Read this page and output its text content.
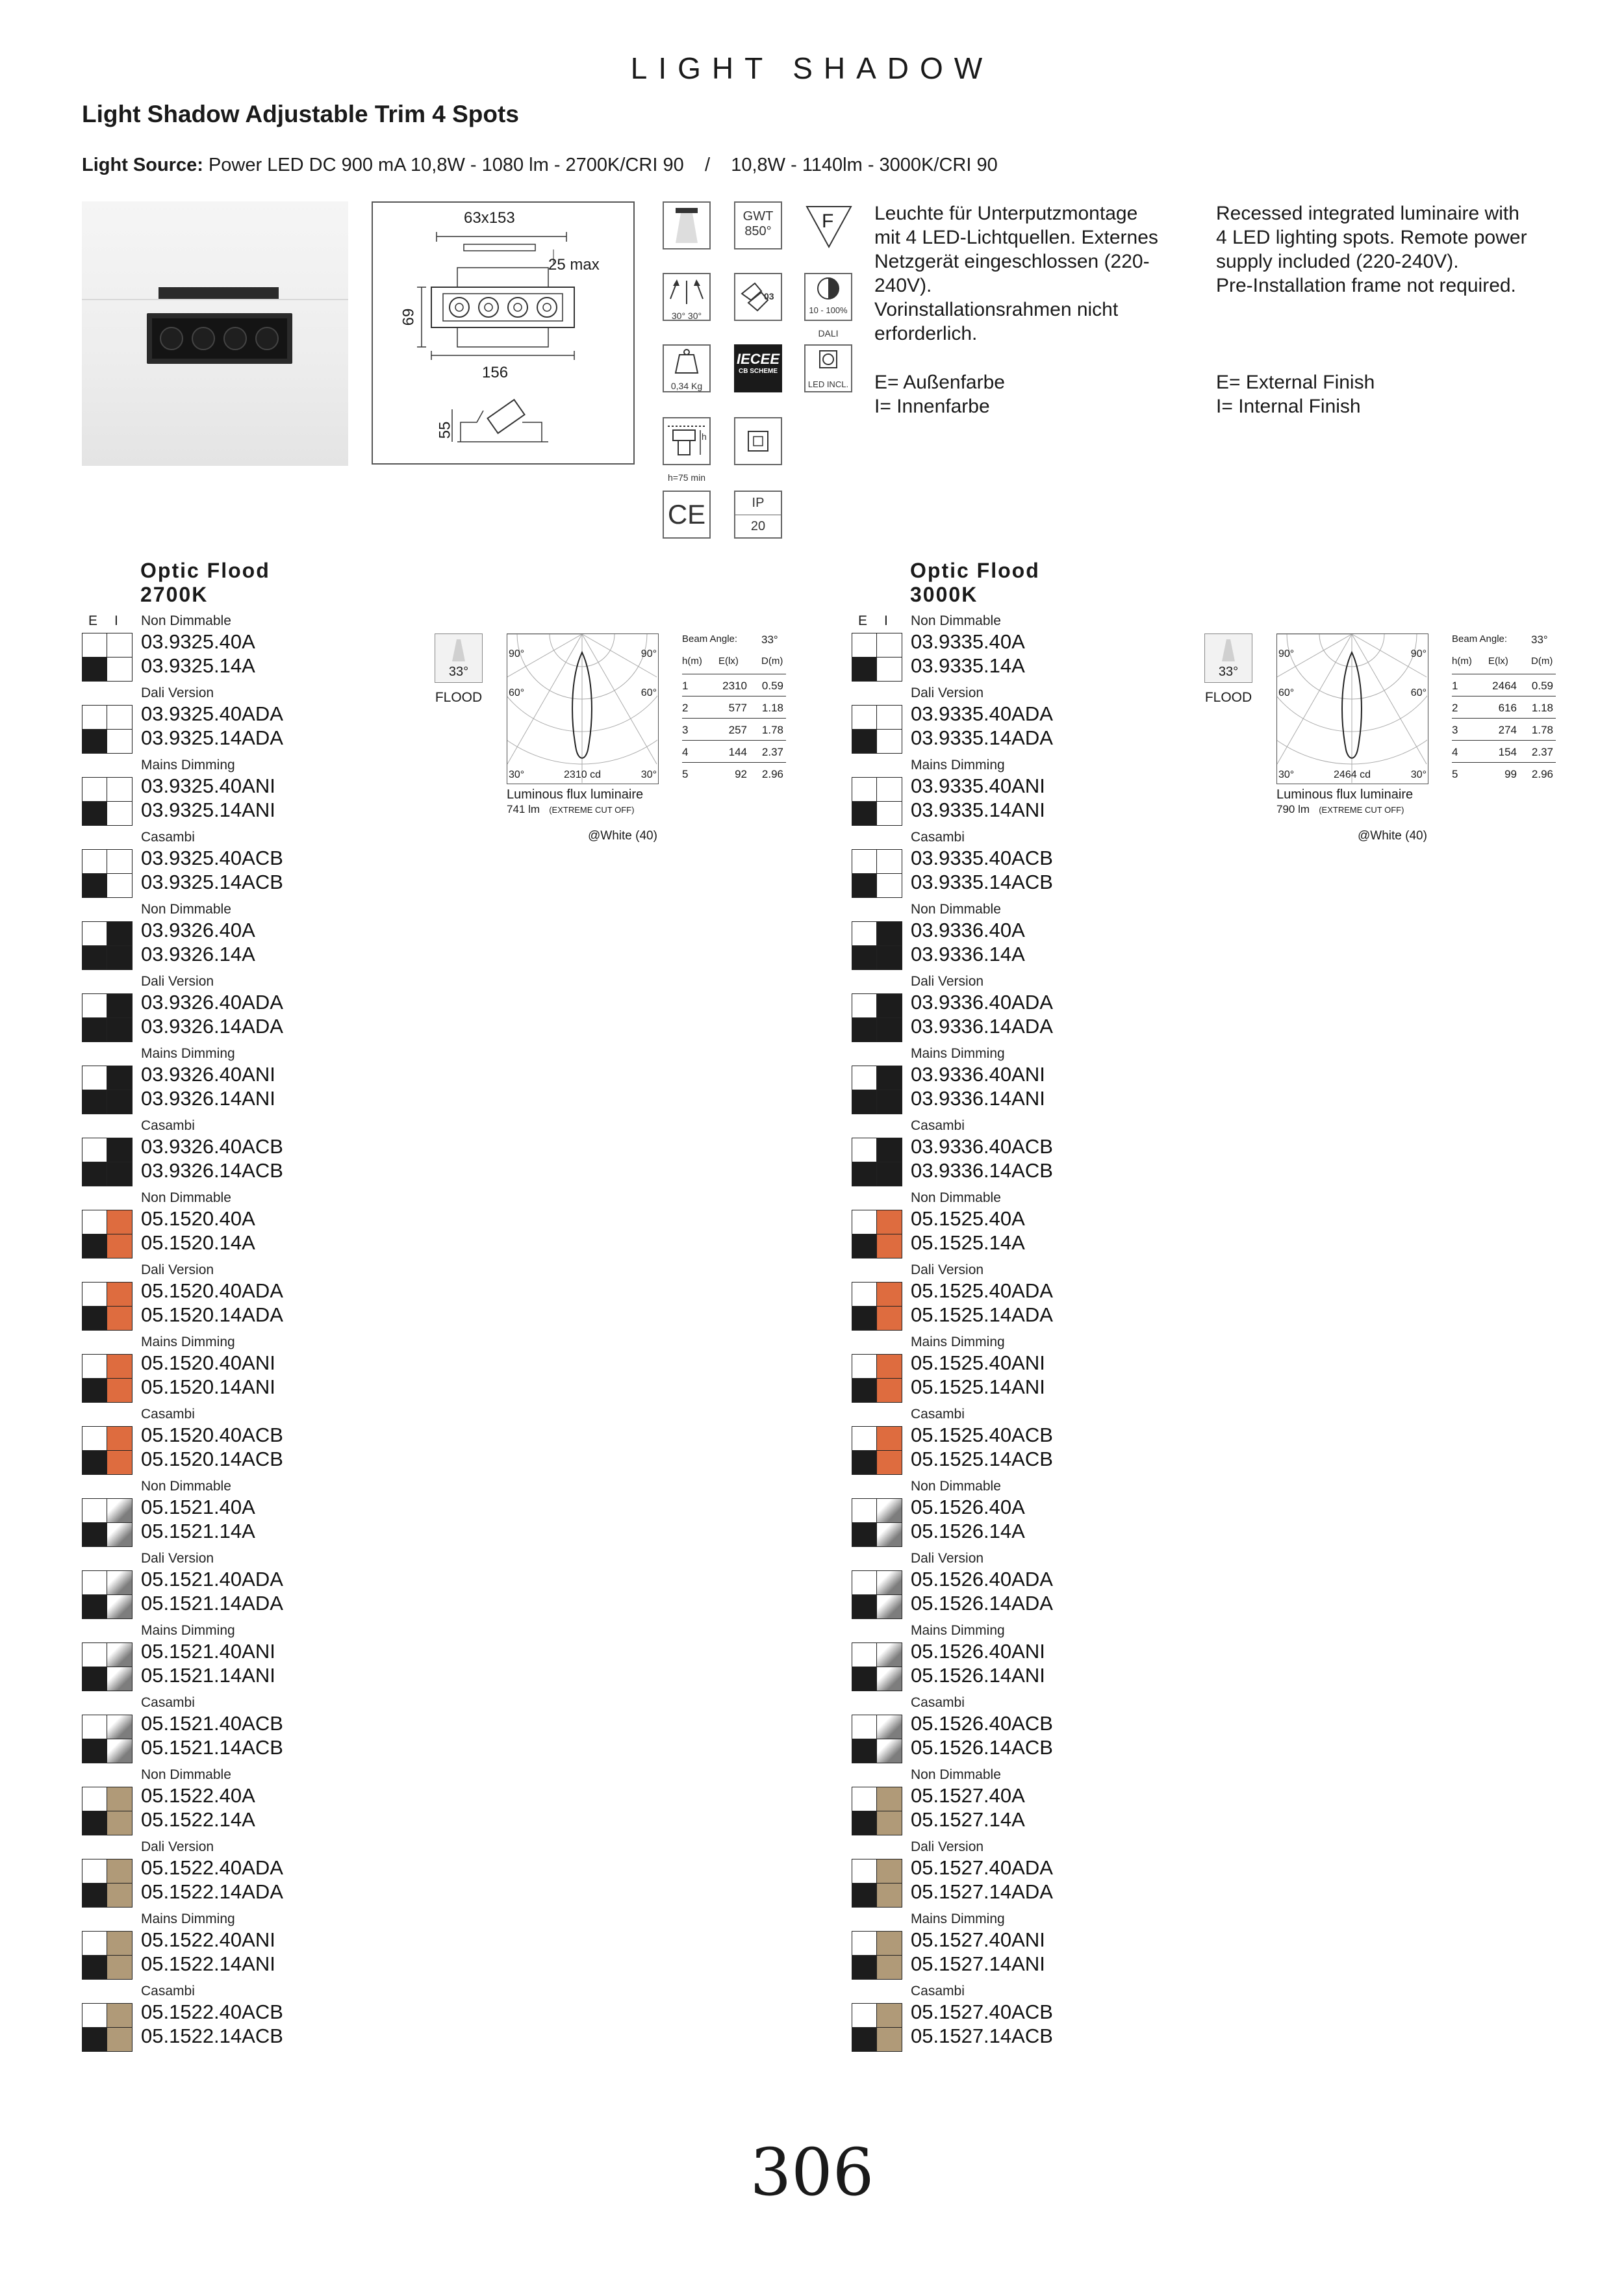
LIGHT SHADOW
Light Shadow Adjustable Trim 4 Spots
Light Source: Power LED DC 900 mA 10,8W - 1080 lm - 2700K/CRI 90    /    10,8W - 1140lm - 3000K/CRI 90
63x153
25 max
69
156
55
GWT
850°	F
30° 30°
03
10 - 100%
DALI
0,34 Kg
IECEE
CB SCHEME
LED INCL.
h
h=75 min
CE	IP
20
Leuchte für Unterputzmontage
mit 4 LED-Lichtquellen. Externes
Netzgerät eingeschlossen (220-
240V).
Vorinstallationsrahmen nicht
erforderlich.
Recessed integrated luminaire with
4 LED lighting spots. Remote power
supply included (220-240V).
Pre-Installation frame not required.
E= Außenfarbe
I= Innenfarbe
E= External Finish
I= Internal Finish
Optic Flood
2700K
E I Non Dimmable
03.9325.40A
03.9325.14A
Dali Version
03.9325.40ADA
03.9325.14ADA
Mains Dimming
03.9325.40ANI
03.9325.14ANI
Casambi
03.9325.40ACB
03.9325.14ACB
Non Dimmable
03.9326.40A
03.9326.14A
Dali Version
03.9326.40ADA
03.9326.14ADA
Mains Dimming
03.9326.40ANI
03.9326.14ANI
Casambi
03.9326.40ACB
03.9326.14ACB
Non Dimmable
05.1520.40A
05.1520.14A
Dali Version
05.1520.40ADA
05.1520.14ADA
Mains Dimming
05.1520.40ANI
05.1520.14ANI
Casambi
05.1520.40ACB
05.1520.14ACB
Non Dimmable
05.1521.40A
05.1521.14A
Dali Version
05.1521.40ADA
05.1521.14ADA
Mains Dimming
05.1521.40ANI
05.1521.14ANI
Casambi
05.1521.40ACB
05.1521.14ACB
Non Dimmable
05.1522.40A
05.1522.14A
Dali Version
05.1522.40ADA
05.1522.14ADA
Mains Dimming
05.1522.40ANI
05.1522.14ANI
Casambi
05.1522.40ACB
05.1522.14ACB
33°
FLOOD
90°	90°
60°	60°
30°	30°
2310 cd
Luminous flux luminaire
741 lm (EXTREME CUT OFF)
@White (40)
Beam Angle: 33°
h(m) E(lx) D(m)
1	2310	0.59
2	577	1.18
3	257	1.78
4	144	2.37
5	92	2.96
Optic Flood
3000K
E I Non Dimmable
03.9335.40A
03.9335.14A
Dali Version
03.9335.40ADA
03.9335.14ADA
Mains Dimming
03.9335.40ANI
03.9335.14ANI
Casambi
03.9335.40ACB
03.9335.14ACB
Non Dimmable
03.9336.40A
03.9336.14A
Dali Version
03.9336.40ADA
03.9336.14ADA
Mains Dimming
03.9336.40ANI
03.9336.14ANI
Casambi
03.9336.40ACB
03.9336.14ACB
Non Dimmable
05.1525.40A
05.1525.14A
Dali Version
05.1525.40ADA
05.1525.14ADA
Mains Dimming
05.1525.40ANI
05.1525.14ANI
Casambi
05.1525.40ACB
05.1525.14ACB
Non Dimmable
05.1526.40A
05.1526.14A
Dali Version
05.1526.40ADA
05.1526.14ADA
Mains Dimming
05.1526.40ANI
05.1526.14ANI
Casambi
05.1526.40ACB
05.1526.14ACB
Non Dimmable
05.1527.40A
05.1527.14A
Dali Version
05.1527.40ADA
05.1527.14ADA
Mains Dimming
05.1527.40ANI
05.1527.14ANI
Casambi
05.1527.40ACB
05.1527.14ACB
33°
FLOOD
90°	90°
60°	60°
30°	30°
2464 cd
Luminous flux luminaire
790 lm (EXTREME CUT OFF)
@White (40)
Beam Angle: 33°
h(m) E(lx) D(m)
1	2464	0.59
2	616	1.18
3	274	1.78
4	154	2.37
5	99	2.96
306
